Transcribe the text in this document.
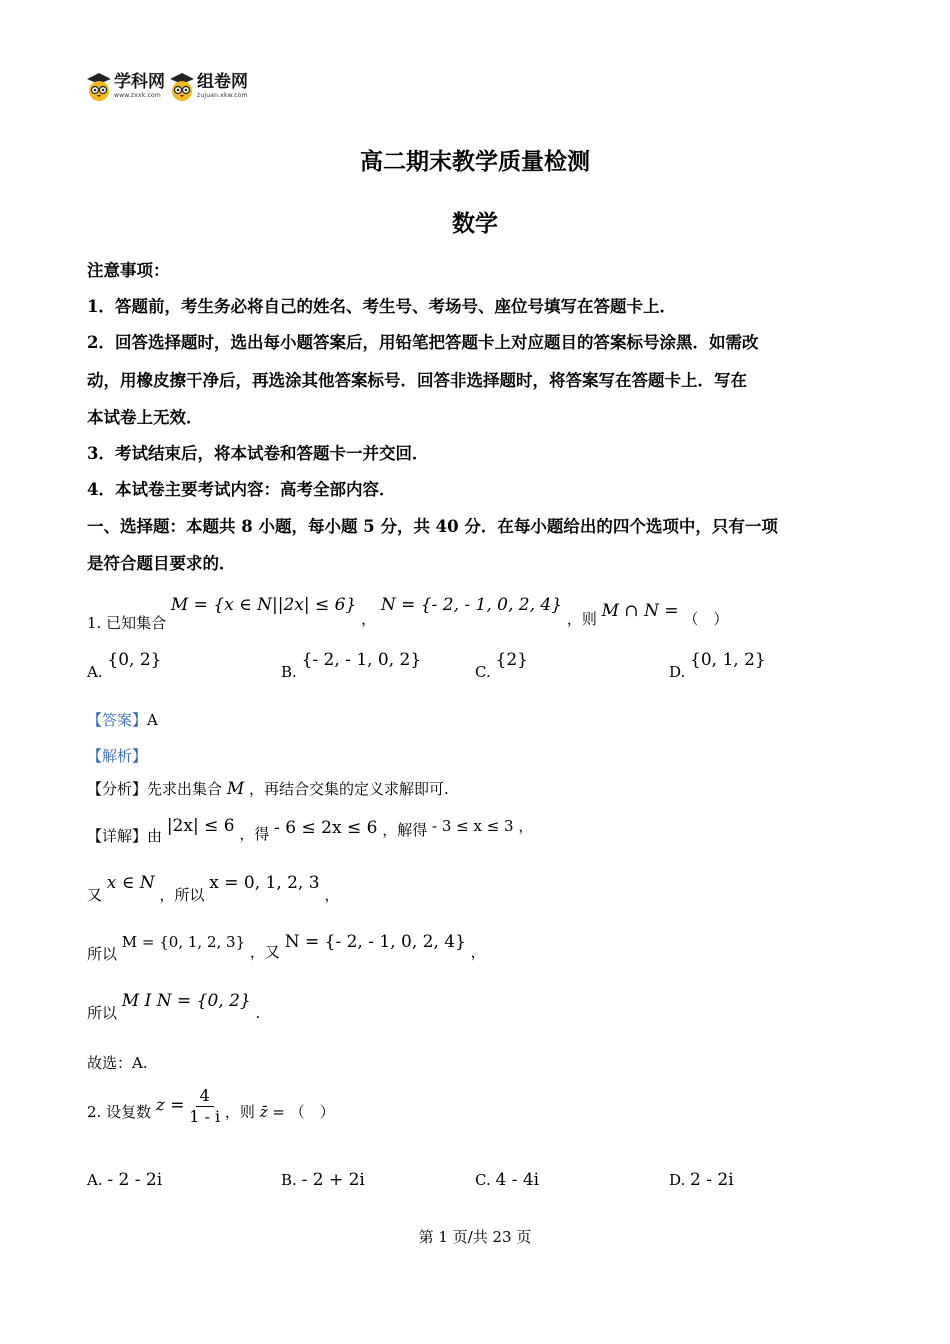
学科网
www.zxxk.com
组卷网
zujuan.xkw.com
高二期末教学质量检测
数学
注意事项：
1．答题前，考生务必将自己的姓名、考生号、考场号、座位号填写在答题卡上．
2．回答选择题时，选出每小题答案后，用铅笔把答题卡上对应题目的答案标号涂黑．如需改
动，用橡皮擦干净后，再选涂其他答案标号．回答非选择题时，将答案写在答题卡上．写在
本试卷上无效．
3．考试结束后，将本试卷和答题卡一并交回．
4．本试卷主要考试内容：高考全部内容．
一、选择题：本题共 8 小题，每小题 5 分，共 40 分．在每小题给出的四个选项中，只有一项
是符合题目要求的．
1. 已知集合 M = {x ∈ N||2x| ≤ 6} ， N = {- 2, - 1, 0, 2, 4} ，则 M ∩ N = （　）
A. {0, 2}
B. {- 2, - 1, 0, 2}
C. {2}
D. {0, 1, 2}
【答案】A
【解析】
【分析】先求出集合 M ，再结合交集的定义求解即可.
【详解】由 |2x| ≤ 6 ，得 - 6 ≤ 2x ≤ 6 ，解得 - 3 ≤ x ≤ 3 ，
又 x ∈ N ，所以 x = 0, 1, 2, 3 ，
所以 M = {0, 1, 2, 3} ，又 N = {- 2, - 1, 0, 2, 4} ，
所以 M I N = {0, 2} .
故选：A.
2. 设复数 $z = \frac{4}{1 - i}$ ，则 z̄ = （　）
A. - 2 - 2i	B. - 2 + 2i	C. 4 - 4i	D. 2 - 2i
第 1 页/共 23 页
